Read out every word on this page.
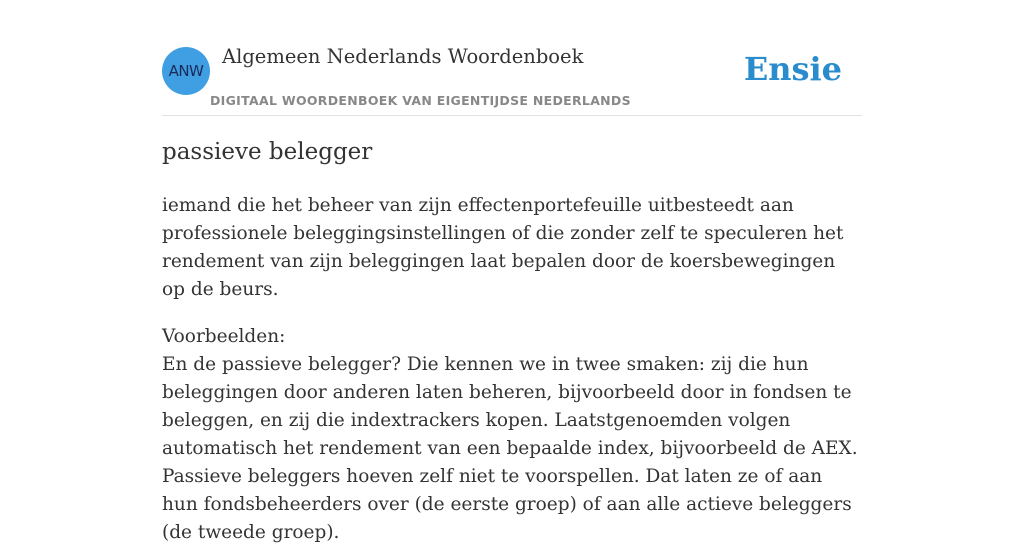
ANW
Algemeen Nederlands Woordenboek
DIGITAAL WOORDENBOEK VAN EIGENTIJDSE NEDERLANDS
Ensie
passieve belegger

iemand die het beheer van zijn effectenportefeuille uitbesteedt aan professionele beleggingsinstellingen of die zonder zelf te speculeren het rendement van zijn beleggingen laat bepalen door de koersbewegingen op de beurs.

Voorbeelden:
En de passieve belegger? Die kennen we in twee smaken: zij die hun beleggingen door anderen laten beheren, bijvoorbeeld door in fondsen te beleggen, en zij die indextrackers kopen. Laatstgenoemden volgen automatisch het rendement van een bepaalde index, bijvoorbeeld de AEX. Passieve beleggers hoeven zelf niet te voorspellen. Dat laten ze of aan hun fondsbeheerders over (de eerste groep) of aan alle actieve beleggers (de tweede groep).
